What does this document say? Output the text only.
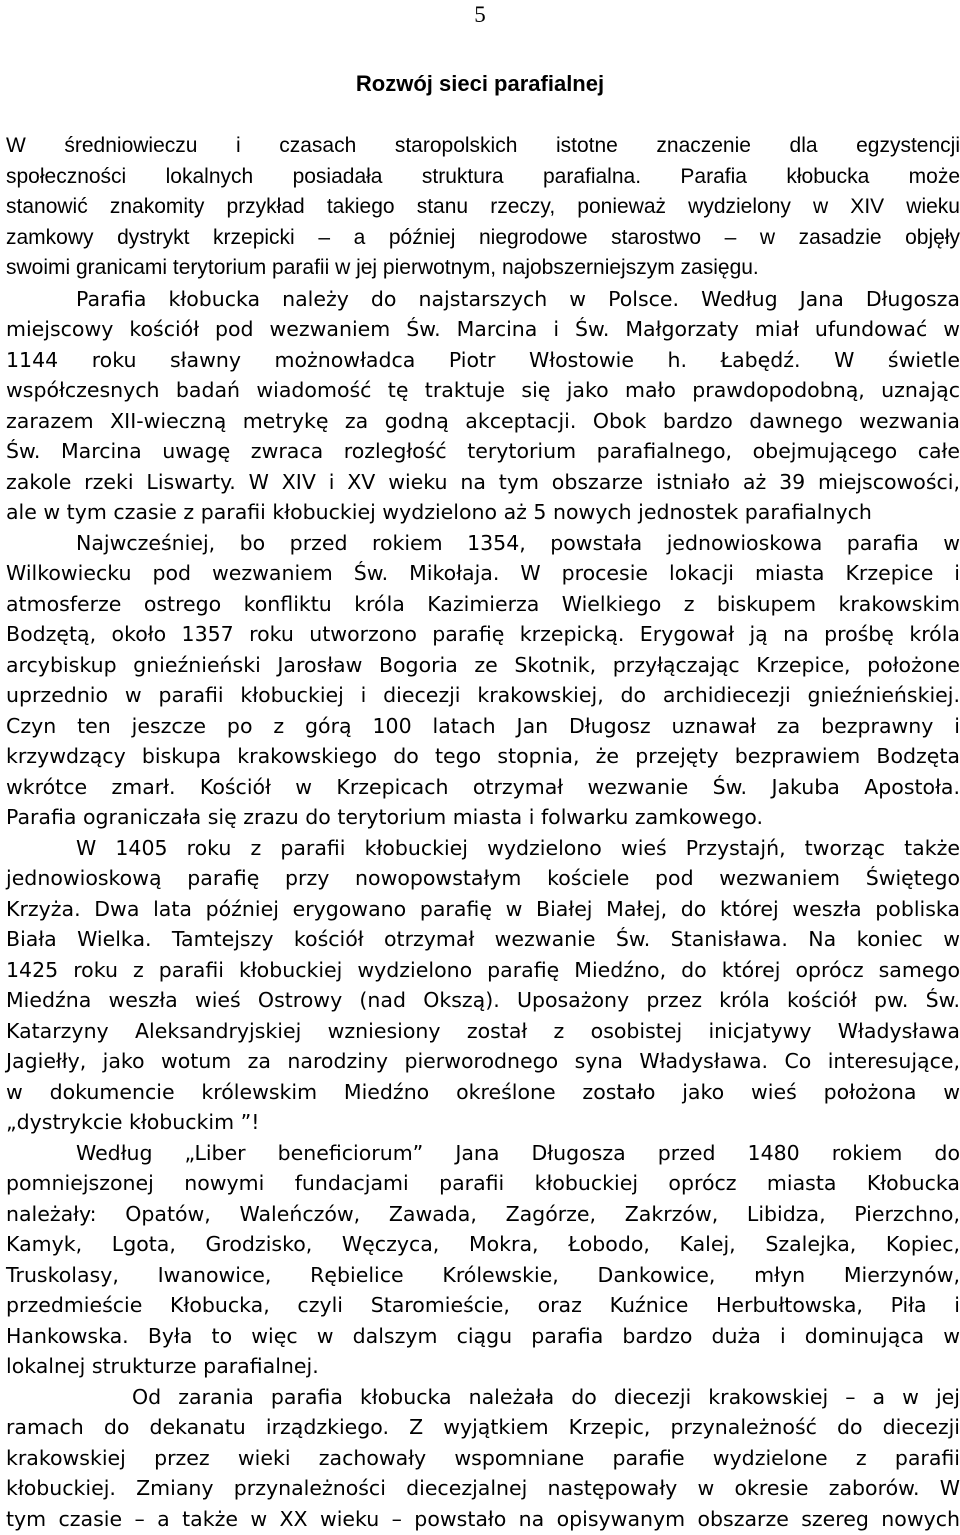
5
Rozwój sieci parafialnej
W średniowieczu i czasach staropolskich istotne znaczenie dla egzystencji
społeczności lokalnych posiadała struktura parafialna. Parafia kłobucka może
stanowić znakomity przykład takiego stanu rzeczy, ponieważ wydzielony w XIV wieku
zamkowy dystrykt krzepicki – a później niegrodowe starostwo – w zasadzie objęły
swoimi granicami terytorium parafii w jej pierwotnym, najobszerniejszym zasięgu.
Parafia kłobucka należy do najstarszych w Polsce. Według Jana Długosza
miejscowy kościół pod wezwaniem Św. Marcina i Św. Małgorzaty miał ufundować w
1144 roku sławny możnowładca Piotr Włostowie h. Łabędź. W świetle
współczesnych badań wiadomość tę traktuje się jako mało prawdopodobną, uznając
zarazem XII-wieczną metrykę za godną akceptacji. Obok bardzo dawnego wezwania
Św. Marcina uwagę zwraca rozległość terytorium parafialnego, obejmującego całe
zakole rzeki Liswarty. W XIV i XV wieku na tym obszarze istniało aż 39 miejscowości,
ale w tym czasie z parafii kłobuckiej wydzielono aż 5 nowych jednostek parafialnych
Najwcześniej, bo przed rokiem 1354, powstała jednowioskowa parafia w
Wilkowiecku pod wezwaniem Św. Mikołaja. W procesie lokacji miasta Krzepice i
atmosferze ostrego konfliktu króla Kazimierza Wielkiego z biskupem krakowskim
Bodzętą, około 1357 roku utworzono parafię krzepicką. Erygował ją na prośbę króla
arcybiskup gnieźnieński Jarosław Bogoria ze Skotnik, przyłączając Krzepice, położone
uprzednio w parafii kłobuckiej i diecezji krakowskiej, do archidiecezji gnieźnieńskiej.
Czyn ten jeszcze po z górą 100 latach Jan Długosz uznawał za bezprawny i
krzywdzący biskupa krakowskiego do tego stopnia, że przejęty bezprawiem Bodzęta
wkrótce zmarł. Kościół w Krzepicach otrzymał wezwanie Św. Jakuba Apostoła.
Parafia ograniczała się zrazu do terytorium miasta i folwarku zamkowego.
W 1405 roku z parafii kłobuckiej wydzielono wieś Przystajń, tworząc także
jednowioskową parafię przy nowopowstałym kościele pod wezwaniem Świętego
Krzyża. Dwa lata później erygowano parafię w Białej Małej, do której weszła pobliska
Biała Wielka. Tamtejszy kościół otrzymał wezwanie Św. Stanisława. Na koniec w
1425 roku z parafii kłobuckiej wydzielono parafię Miedźno, do której oprócz samego
Miedźna weszła wieś Ostrowy (nad Okszą). Uposażony przez króla kościół pw. Św.
Katarzyny Aleksandryjskiej wzniesiony został z osobistej inicjatywy Władysława
Jagiełły, jako wotum za narodziny pierworodnego syna Władysława. Co interesujące,
w dokumencie królewskim Miedźno określone zostało jako wieś położona w
„dystrykcie kłobuckim ”!
Według „Liber beneficiorum” Jana Długosza przed 1480 rokiem do
pomniejszonej nowymi fundacjami parafii kłobuckiej oprócz miasta Kłobucka
należały: Opatów, Waleńczów, Zawada, Zagórze, Zakrzów, Libidza, Pierzchno,
Kamyk, Lgota, Grodzisko, Węczyca, Mokra, Łobodo, Kalej, Szalejka, Kopiec,
Truskolasy, Iwanowice, Rębielice Królewskie, Dankowice, młyn Mierzynów,
przedmieście Kłobucka, czyli Staromieście, oraz Kuźnice Herbułtowska, Piła i
Hankowska. Była to więc w dalszym ciągu parafia bardzo duża i dominująca w
lokalnej strukturze parafialnej.
Od zarania parafia kłobucka należała do diecezji krakowskiej – a w jej
ramach do dekanatu irządzkiego. Z wyjątkiem Krzepic, przynależność do diecezji
krakowskiej przez wieki zachowały wspomniane parafie wydzielone z parafii
kłobuckiej. Zmiany przynależności diecezjalnej następowały w okresie zaborów. W
tym czasie – a także w XX wieku – powstało na opisywanym obszarze szereg nowych
